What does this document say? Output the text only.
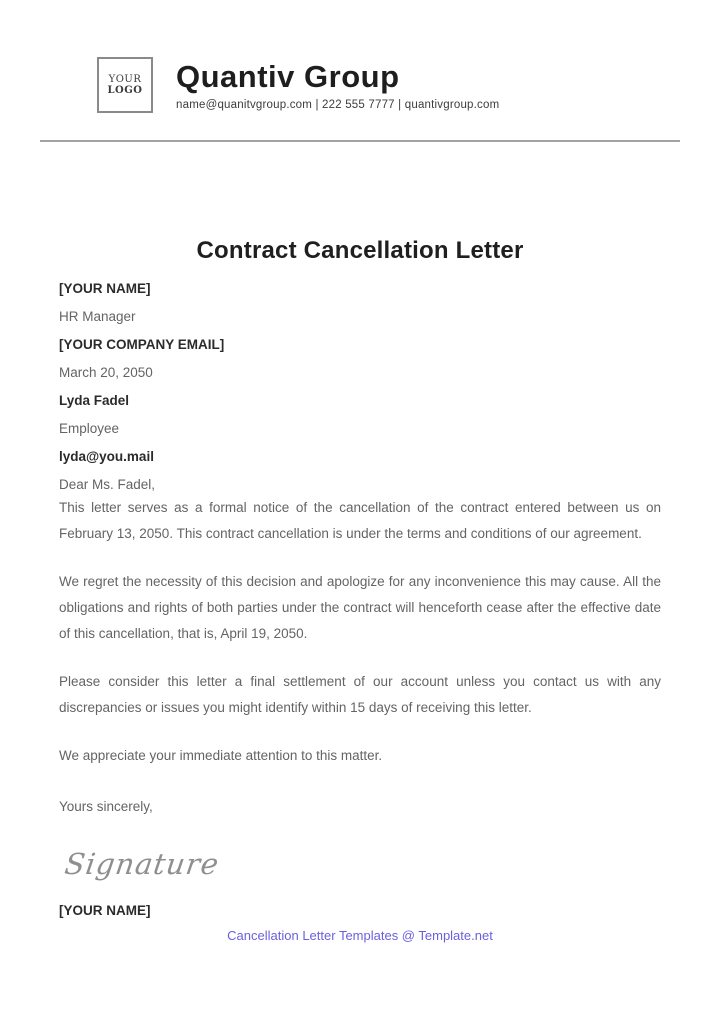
YOUR
LOGO Quantiv Group
name@quanitvgroup.com | 222 555 7777 | quantivgroup.com
Contract Cancellation Letter

[YOUR NAME]

HR Manager

[YOUR COMPANY EMAIL]

March 20, 2050

Lyda Fadel

Employee

lyda@you.mail

Dear Ms. Fadel,

This letter serves as a formal notice of the cancellation of the contract entered between us on February 13, 2050. This contract cancellation is under the terms and conditions of our agreement.

We regret the necessity of this decision and apologize for any inconvenience this may cause. All the obligations and rights of both parties under the contract will henceforth cease after the effective date of this cancellation, that is, April 19, 2050.

Please consider this letter a final settlement of our account unless you contact us with any discrepancies or issues you might identify within 15 days of receiving this letter.

We appreciate your immediate attention to this matter.

Yours sincerely,

Signature

[YOUR NAME]

Cancellation Letter Templates @ Template.net
